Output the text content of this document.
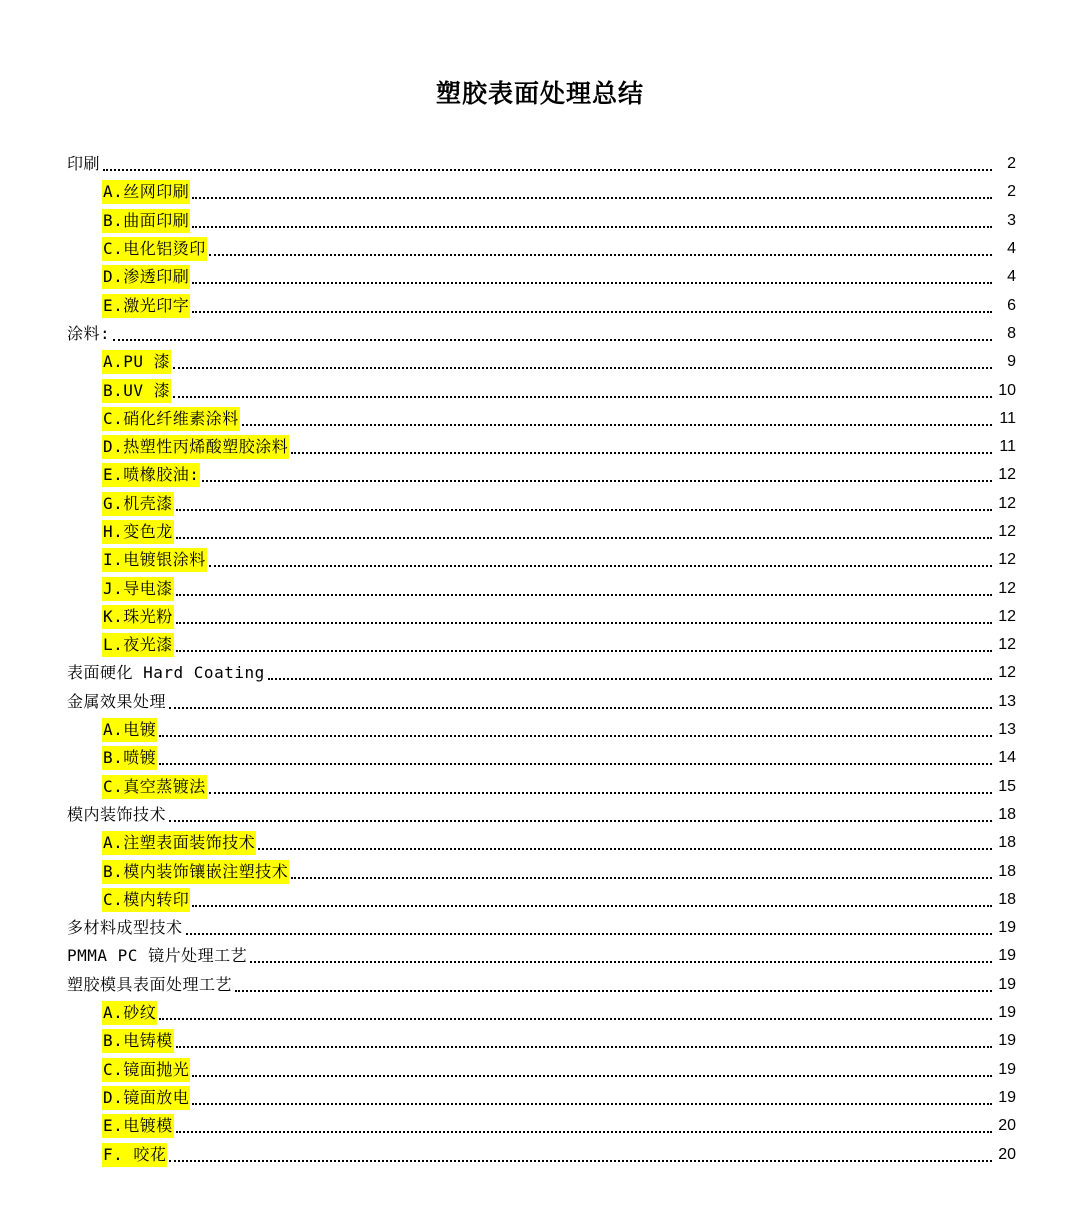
塑胶表面处理总结
印刷	2
A.丝网印刷	2
B.曲面印刷	3
C.电化铝烫印	4
D.渗透印刷	4
E.激光印字	6
涂料:	8
A.PU 漆	9
B.UV 漆	10
C.硝化纤维素涂料	11
D.热塑性丙烯酸塑胶涂料	11
E.喷橡胶油:	12
G.机壳漆	12
H.变色龙	12
I.电镀银涂料	12
J.导电漆	12
K.珠光粉	12
L.夜光漆	12
表面硬化 Hard Coating	12
金属效果处理	13
A.电镀	13
B.喷镀	14
C.真空蒸镀法	15
模内装饰技术	18
A.注塑表面装饰技术	18
B.模内装饰镶嵌注塑技术	18
C.模内转印	18
多材料成型技术	19
PMMA PC 镜片处理工艺	19
塑胶模具表面处理工艺	19
A.砂纹	19
B.电铸模	19
C.镜面抛光	19
D.镜面放电	19
E.电镀模	20
F. 咬花	20
